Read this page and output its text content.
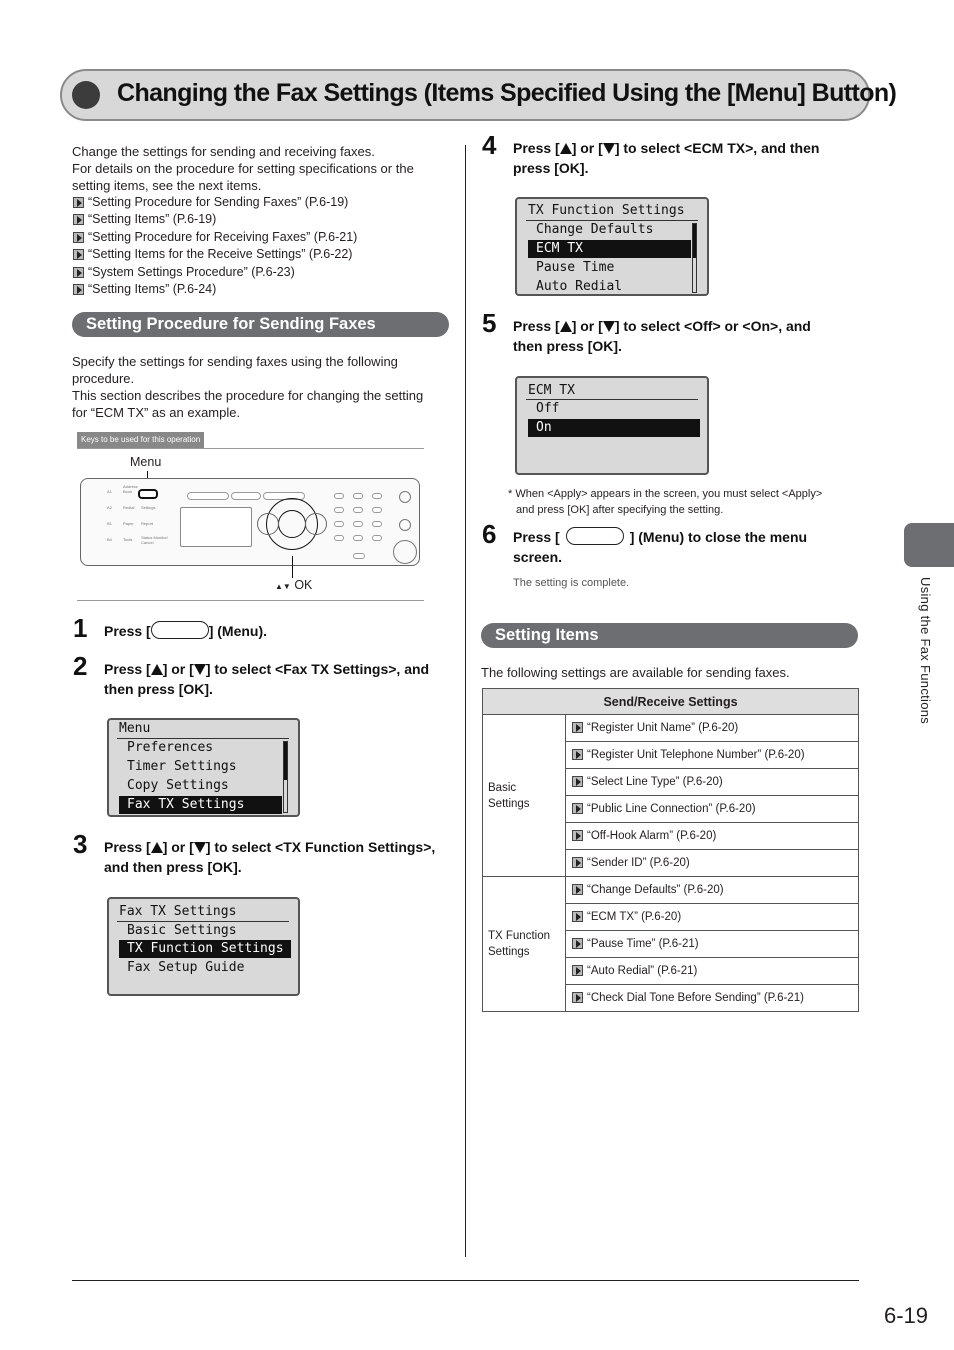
Changing the Fax Settings (Items Specified Using the [Menu] Button)
Change the settings for sending and receiving faxes.
For details on the procedure for setting specifications or the
setting items, see the next items.
“Setting Procedure for Sending Faxes” (P.6-19)
“Setting Items” (P.6-19)
“Setting Procedure for Receiving Faxes” (P.6-21)
“Setting Items for the Receive Settings” (P.6-22)
“System Settings Procedure” (P.6-23)
“Setting Items” (P.6-24)
Setting Procedure for Sending Faxes
Specify the settings for sending faxes using the following
procedure.
This section describes the procedure for changing the setting
for “ECM TX” as an example.
Keys to be used for this operation
Menu
A1
Address
Book
A2	Redial
B1	Paper
B4	Tools
Settings
Report
Status Monitor/
Cancel
▲▼ OK
1 Press [	] (Menu).
2 Press [ ] or [ ] to select <Fax TX Settings>, and
then press [OK].
Menu
Preferences
Timer Settings
Copy Settings
Fax TX Settings
3 Press [ ] or [ ] to select <TX Function Settings>,
and then press [OK].
Fax TX Settings
Basic Settings
TX Function Settings
Fax Setup Guide
4 Press [ ] or [ ] to select <ECM TX>, and then
press [OK].
TX Function Settings
Change Defaults
ECM TX
Pause Time
Auto Redial
5 Press [ ] or [ ] to select <Off> or <On>, and
then press [OK].
ECM TX
Off
On
* When <Apply> appears in the screen, you must select <Apply>
and press [OK] after specifying the setting.
6 Press [	] (Menu) to close the menu
screen.
The setting is complete.
Setting Items
The following settings are available for sending faxes.
Send/Receive Settings	

Basic
Settings	“Register Unit Name” (P.6-20)
	“Register Unit Telephone Number” (P.6-20)
	“Select Line Type” (P.6-20)
	“Public Line Connection” (P.6-20)
	“Off-Hook Alarm” (P.6-20)
	“Sender ID” (P.6-20)

TX Function
Settings	“Change Defaults” (P.6-20)
	“ECM TX” (P.6-20)
	“Pause Time” (P.6-21)
	“Auto Redial” (P.6-21)
	“Check Dial Tone Before Sending” (P.6-21)
Using the Fax Functions
6-19
